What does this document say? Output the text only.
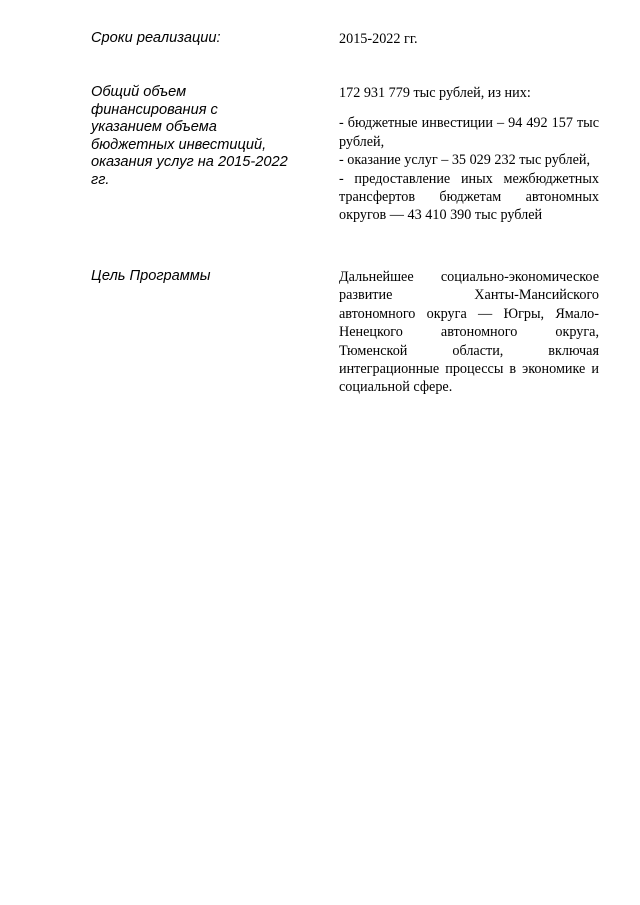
Сроки реализации:	2015-2022 гг.
Общий объем финансирования с указанием объема бюджетных инвестиций, оказания услуг на 2015-2022 гг.

172 931 779 тыс рублей, из них:

- бюджетные инвестиции – 94 492 157 тыс рублей,

- оказание услуг – 35 029 232 тыс рублей,

- предоставление иных межбюджетных трансфертов бюджетам автономных округов — 43 410 390 тыс рублей

Цель Программы	Дальнейшее социально-экономическое развитие Ханты-Мансийского автономного округа — Югры, Ямало-Ненецкого автономного округа, Тюменской области, включая интеграционные процессы в экономике и социальной сфере.
